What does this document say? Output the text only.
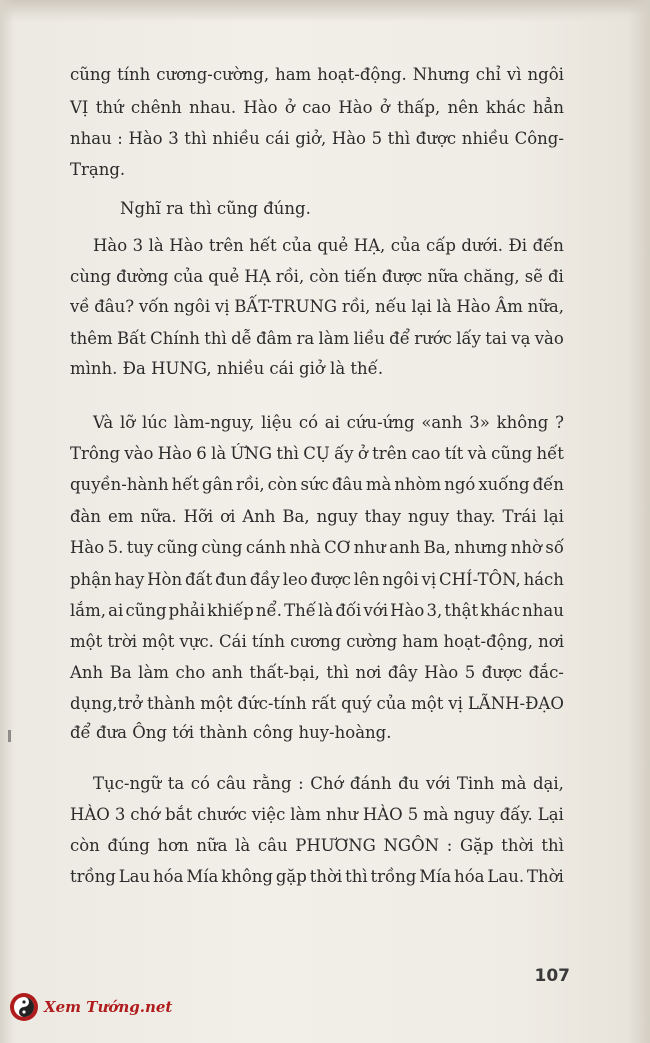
cũng tính cương-cường, ham hoạt-động. Nhưng chỉ vì ngôi
VỊ thứ chênh nhau. Hào ở cao Hào ở thấp, nên khác hẳn
nhau : Hào 3 thì nhiều cái giở, Hào 5 thì được nhiều Công-
Trạng.
Nghĩ ra thì cũng đúng.
Hào 3 là Hào trên hết của quẻ HẠ, của cấp dưới. Đi đến
cùng đường của quẻ HẠ rồi, còn tiến được nữa chăng, sẽ đi
về đâu? vốn ngôi vị BẤT-TRUNG rồi, nếu lại là Hào Âm nữa,
thêm Bất Chính thì dễ đâm ra làm liều để rước lấy tai vạ vào
mình. Đa HUNG, nhiều cái giở là thế.
Và lỡ lúc làm-nguy, liệu có ai cứu-ứng «anh 3» không ?
Trông vào Hào 6 là ỨNG thì CỤ ấy ở trên cao tít và cũng hết
quyền-hành hết gân rồi, còn sức đâu mà nhòm ngó xuống đến
đàn em nữa. Hỡi ơi Anh Ba, nguy thay nguy thay. Trái lại
Hào 5. tuy cũng cùng cánh nhà CƠ như anh Ba, nhưng nhờ số
phận hay Hòn đất đun đầy leo được lên ngôi vị CHÍ-TÔN, hách
lắm, ai cũng phải khiếp nể. Thế là đối với Hào 3, thật khác nhau
một trời một vực. Cái tính cương cường ham hoạt-động, nơi
Anh Ba làm cho anh thất-bại, thì nơi đây Hào 5 được đắc-
dụng,trở thành một đức-tính rất quý của một vị LÃNH-ĐẠO
để đưa Ông tới thành công huy-hoàng.
Tục-ngữ ta có câu rằng : Chớ đánh đu với Tinh mà dại,
HÀO 3 chớ bắt chước việc làm như HÀO 5 mà nguy đấy. Lại
còn đúng hơn nữa là câu PHƯƠNG NGÔN : Gặp thời thì
trồng Lau hóa Mía không gặp thời thì trồng Mía hóa Lau. Thời
107
Xem Tướng.net
